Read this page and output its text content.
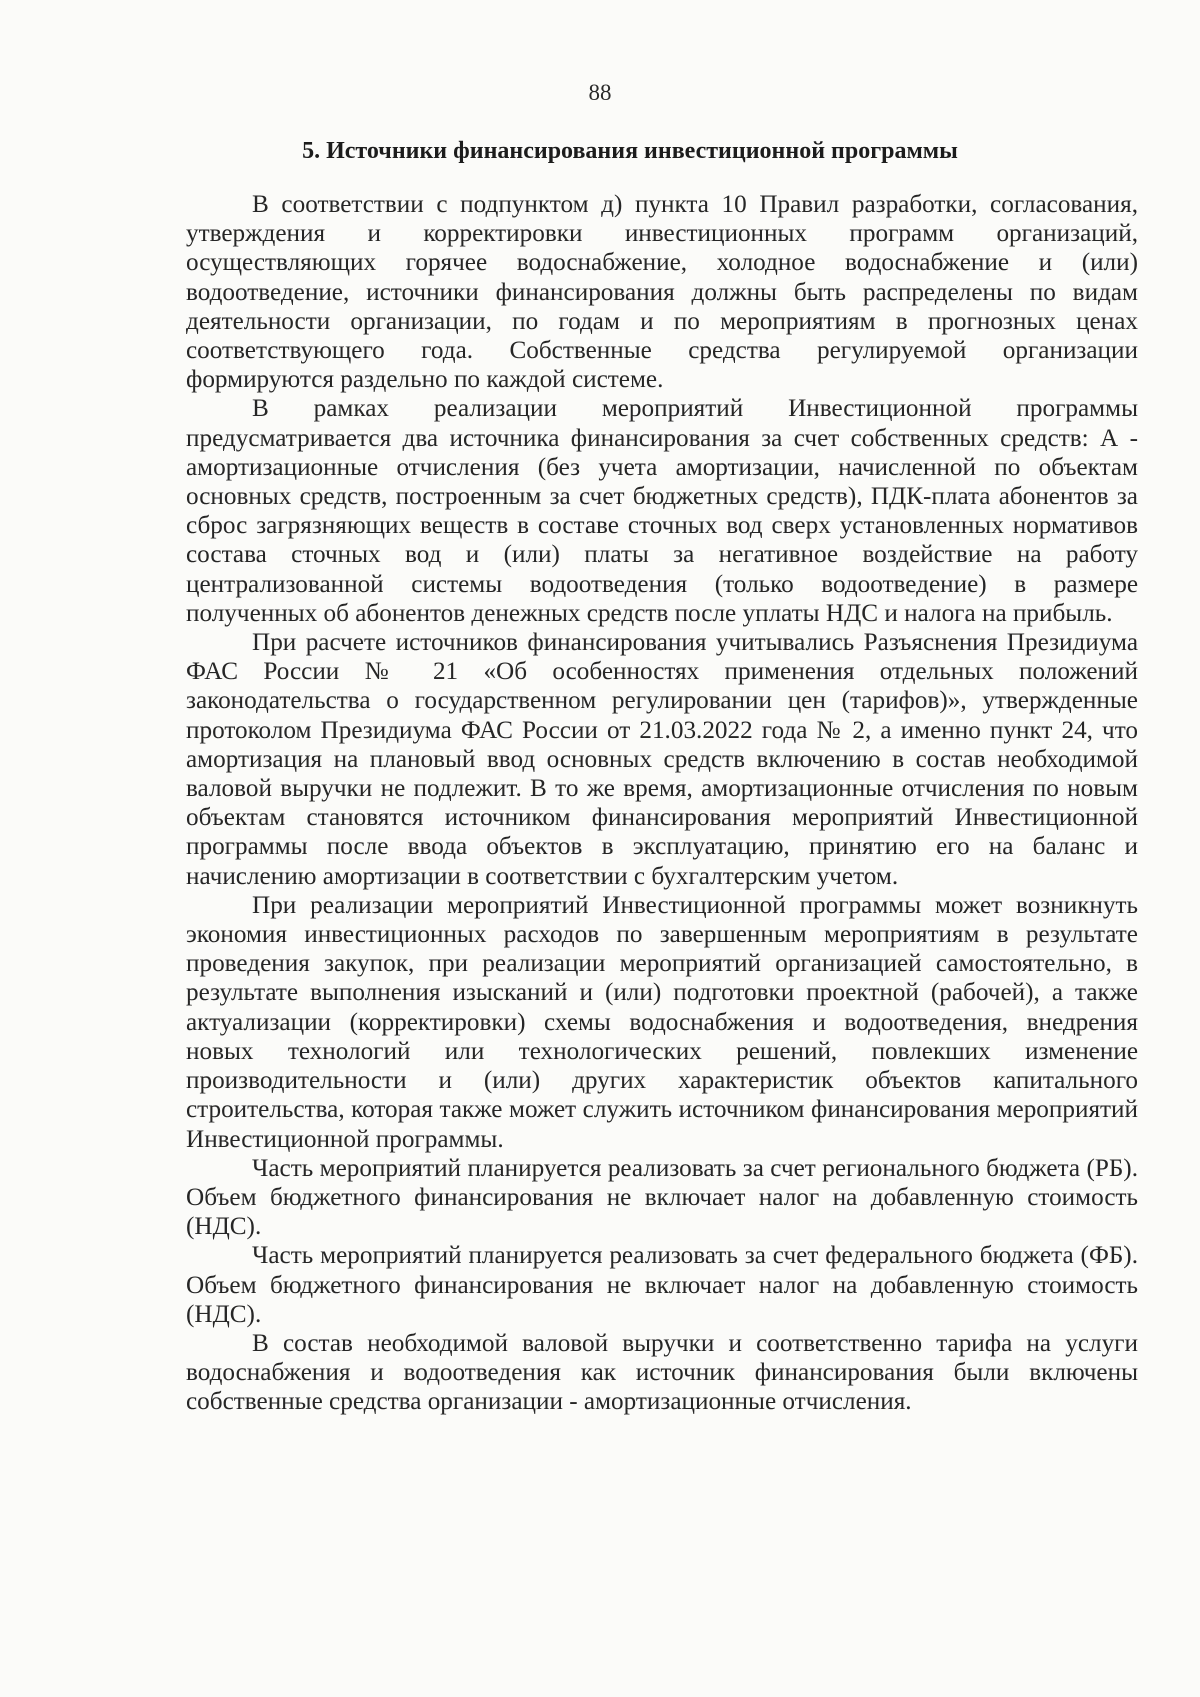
88
5. Источники финансирования инвестиционной программы

В соответствии с подпунктом д) пункта 10 Правил разработки, согласования, утверждения и корректировки инвестиционных программ организаций, осуществляющих горячее водоснабжение, холодное водоснабжение и (или) водоотведение, источники финансирования должны быть распределены по видам деятельности организации, по годам и по мероприятиям в прогнозных ценах соответствующего года. Собственные средства регулируемой организации формируются раздельно по каждой системе.

В рамках реализации мероприятий Инвестиционной программы предусматривается два источника финансирования за счет собственных средств: А - амортизационные отчисления (без учета амортизации, начисленной по объектам основных средств, построенным за счет бюджетных средств), ПДК-плата абонентов за сброс загрязняющих веществ в составе сточных вод сверх установленных нормативов состава сточных вод и (или) платы за негативное воздействие на работу централизованной системы водоотведения (только водоотведение) в размере полученных об абонентов денежных средств после уплаты НДС и налога на прибыль.

При расчете источников финансирования учитывались Разъяснения Президиума ФАС России № 21 «Об особенностях применения отдельных положений законодательства о государственном регулировании цен (тарифов)», утвержденные протоколом Президиума ФАС России от 21.03.2022 года № 2, а именно пункт 24, что амортизация на плановый ввод основных средств включению в состав необходимой валовой выручки не подлежит. В то же время, амортизационные отчисления по новым объектам становятся источником финансирования мероприятий Инвестиционной программы после ввода объектов в эксплуатацию, принятию его на баланс и начислению амортизации в соответствии с бухгалтерским учетом.

При реализации мероприятий Инвестиционной программы может возникнуть экономия инвестиционных расходов по завершенным мероприятиям в результате проведения закупок, при реализации мероприятий организацией самостоятельно, в результате выполнения изысканий и (или) подготовки проектной (рабочей), а также актуализации (корректировки) схемы водоснабжения и водоотведения, внедрения новых технологий или технологических решений, повлекших изменение производительности и (или) других характеристик объектов капитального строительства, которая также может служить источником финансирования мероприятий Инвестиционной программы.

Часть мероприятий планируется реализовать за счет регионального бюджета (РБ). Объем бюджетного финансирования не включает налог на добавленную стоимость (НДС).

Часть мероприятий планируется реализовать за счет федерального бюджета (ФБ). Объем бюджетного финансирования не включает налог на добавленную стоимость (НДС).

В состав необходимой валовой выручки и соответственно тарифа на услуги водоснабжения и водоотведения как источник финансирования были включены собственные средства организации - амортизационные отчисления.
